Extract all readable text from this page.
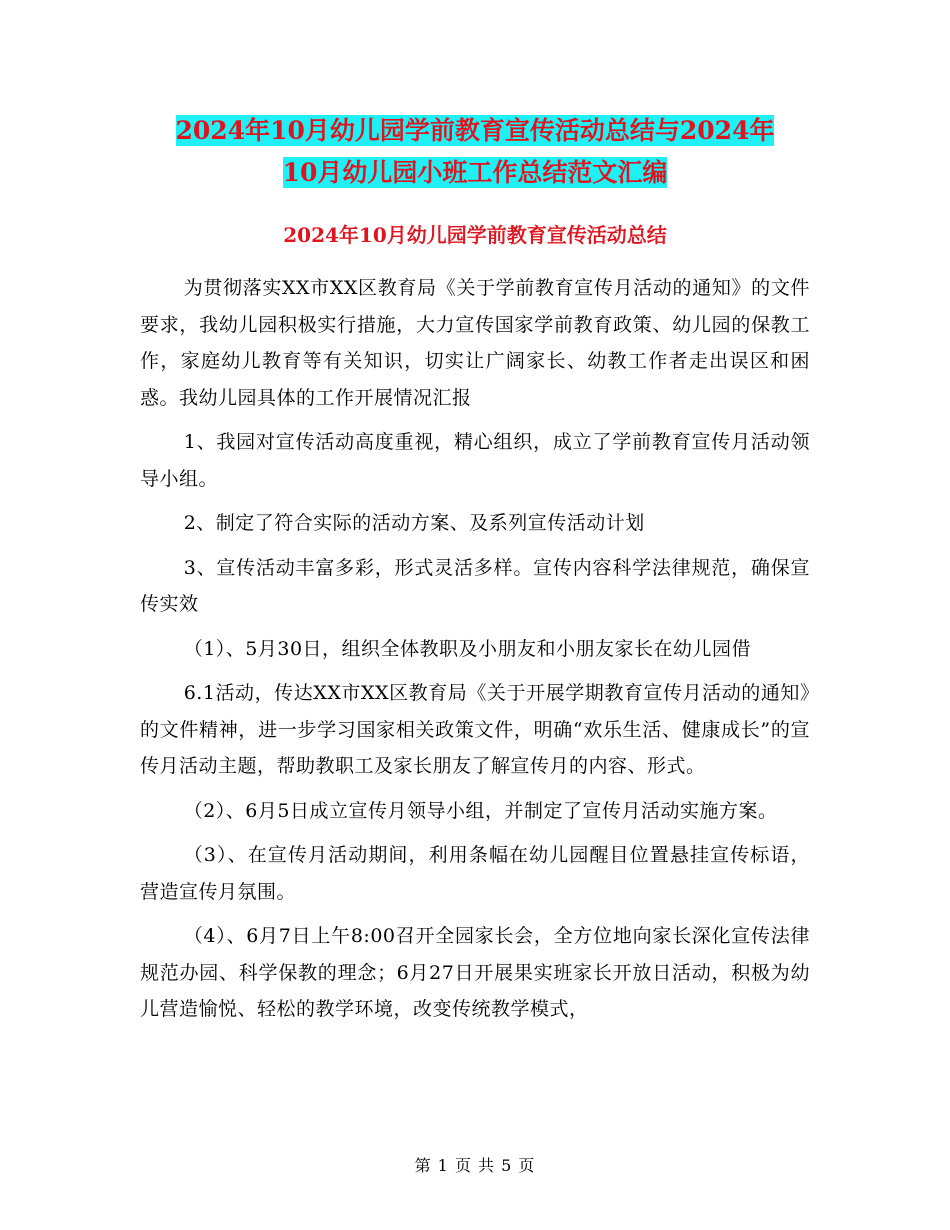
2024年10月幼儿园学前教育宣传活动总结与2024年
10月幼儿园小班工作总结范文汇编
2024年10月幼儿园学前教育宣传活动总结

为贯彻落实XX市XX区教育局《关于学前教育宣传月活动的通知》的文件要求，我幼儿园积极实行措施，大力宣传国家学前教育政策、幼儿园的保教工作，家庭幼儿教育等有关知识，切实让广阔家长、幼教工作者走出误区和困惑。我幼儿园具体的工作开展情况汇报

1、我园对宣传活动高度重视，精心组织，成立了学前教育宣传月活动领导小组。

2、制定了符合实际的活动方案、及系列宣传活动计划

3、宣传活动丰富多彩，形式灵活多样。宣传内容科学法律规范，确保宣传实效

（1）、5月30日，组织全体教职及小朋友和小朋友家长在幼儿园借

6.1活动，传达XX市XX区教育局《关于开展学期教育宣传月活动的通知》的文件精神，进一步学习国家相关政策文件，明确“欢乐生活、健康成长”的宣传月活动主题，帮助教职工及家长朋友了解宣传月的内容、形式。

（2）、6月5日成立宣传月领导小组，并制定了宣传月活动实施方案。

（3）、在宣传月活动期间，利用条幅在幼儿园醒目位置悬挂宣传标语，营造宣传月氛围。

（4）、6月7日上午8:00召开全园家长会，全方位地向家长深化宣传法律规范办园、科学保教的理念；6月27日开展果实班家长开放日活动，积极为幼儿营造愉悦、轻松的教学环境，改变传统教学模式，

第 1 页 共 5 页
